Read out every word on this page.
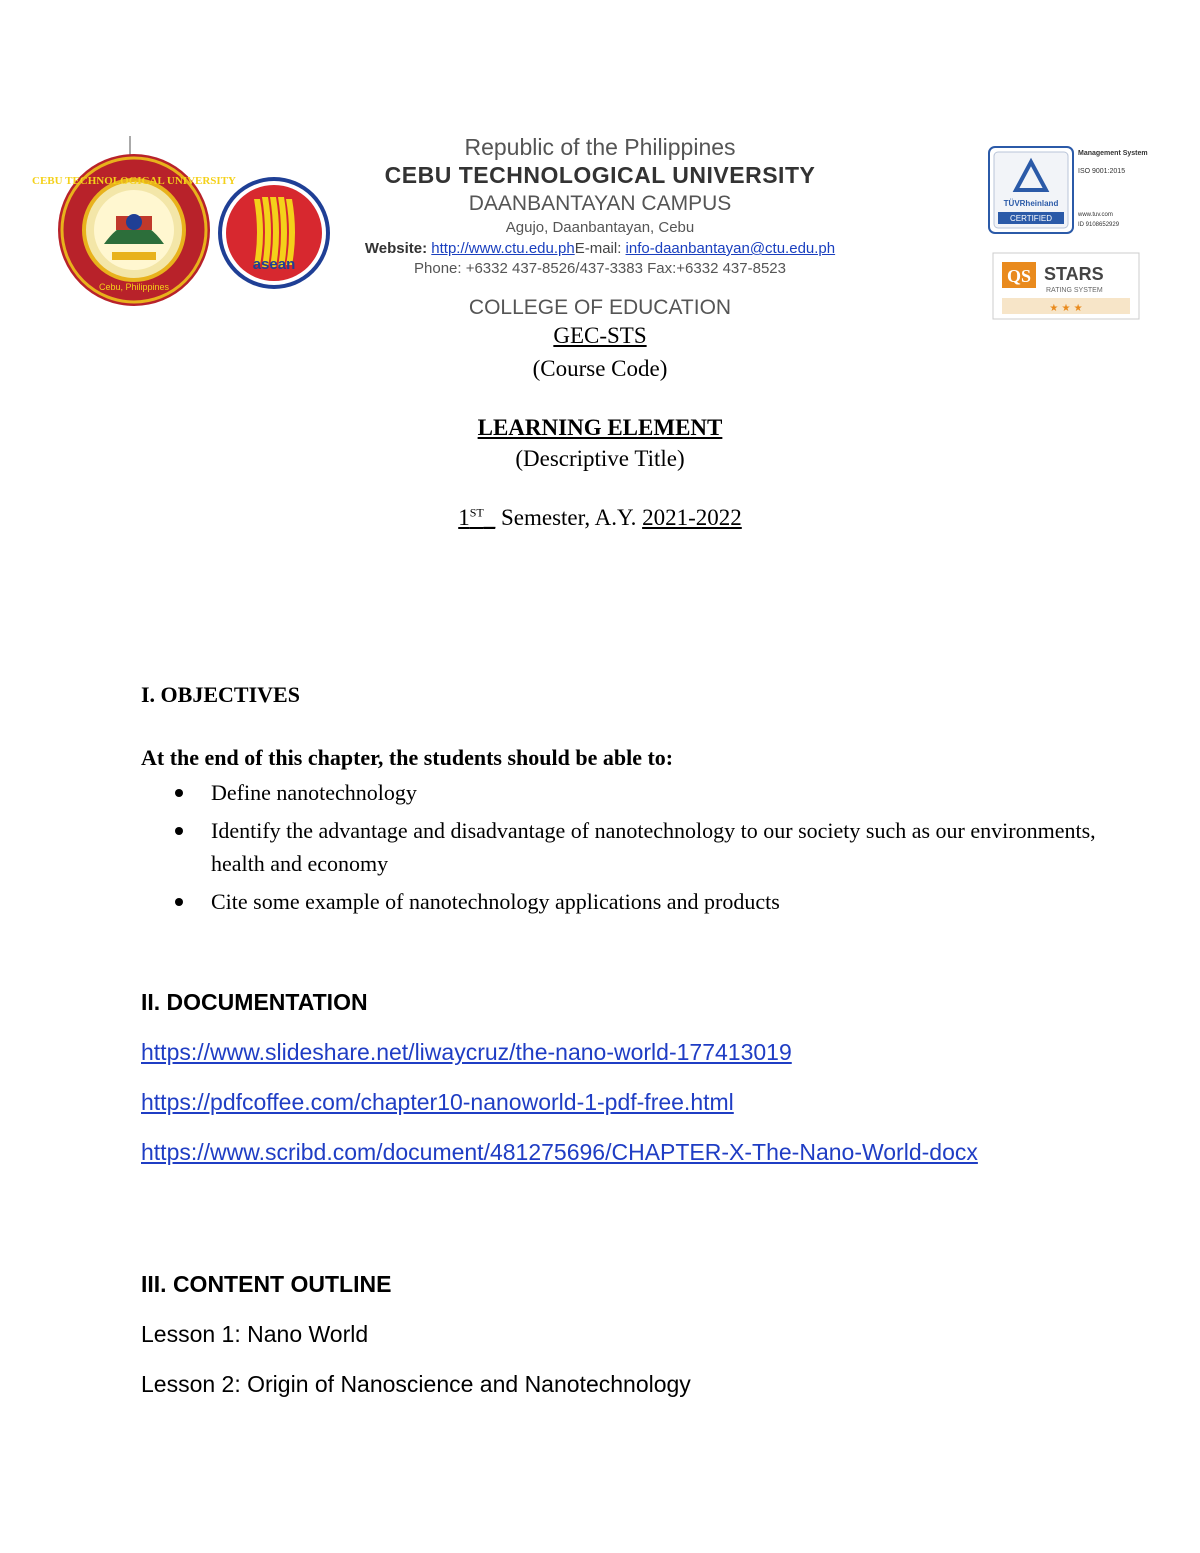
CEBU TECHNOLOGICAL UNIVERSITY
Cebu, Philippines
asean
TÜVRheinland
CERTIFIED
Management System
ISO 9001:2015
www.tuv.com
ID 9108652929
QS STARS
RATING SYSTEM
★ ★ ★
Republic of the Philippines
CEBU TECHNOLOGICAL UNIVERSITY
DAANBANTAYAN CAMPUS
Agujo, Daanbantayan, Cebu
Website: http://www.ctu.edu.phE-mail: info-daanbantayan@ctu.edu.ph
Phone: +6332 437-8526/437-3383 Fax:+6332 437-8523
COLLEGE OF EDUCATION
GEC-STS
(Course Code)
LEARNING ELEMENT
(Descriptive Title)
1ST_ Semester, A.Y. 2021-2022
I. OBJECTIVES
At the end of this chapter, the students should be able to:
Define nanotechnology
Identify the advantage and disadvantage of nanotechnology to our society such as our environments, health and economy
Cite some example of nanotechnology applications and products
II. DOCUMENTATION
https://www.slideshare.net/liwaycruz/the-nano-world-177413019
https://pdfcoffee.com/chapter10-nanoworld-1-pdf-free.html
https://www.scribd.com/document/481275696/CHAPTER-X-The-Nano-World-docx
III. CONTENT OUTLINE
Lesson 1: Nano World
Lesson 2: Origin of Nanoscience and Nanotechnology
